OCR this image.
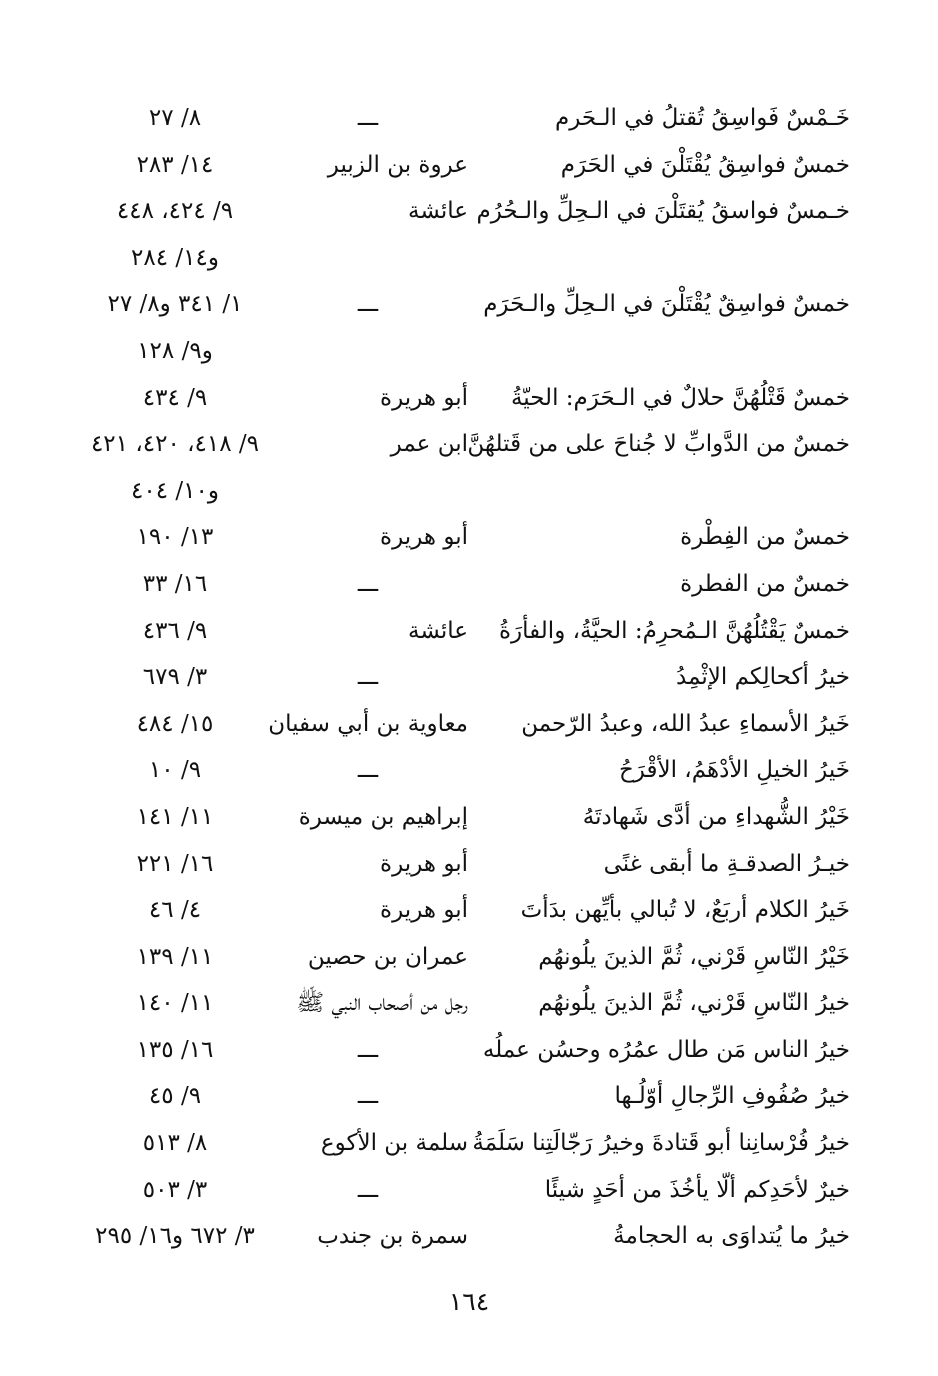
خَـمْسٌ فَواسِقُ تُقتلُ في الـحَرم
ـــ
٨/ ٢٧
خمسٌ فواسِقُ يُقْتَلْنَ في الحَرَم
عروة بن الزبير
١٤/ ٢٨٣
خـمسٌ فواسقُ يُقتَلْنَ في الـحِلِّ والـحُرُم
عائشة
٩/ ٤٢٤، ٤٤٨
و١٤/ ٢٨٤
خمسٌ فواسِقٌ يُقْتَلْنَ في الـحِلِّ والـحَرَم
ـــ
١/ ٣٤١ و٨/ ٢٧
و٩/ ١٢٨
خمسٌ قَتْلُهُنَّ حلالٌ في الـحَرَم: الحيّةُ
أبو هريرة
٩/ ٤٣٤
خمسٌ من الدَّوابِّ لا جُناحَ على من قَتلهُنَّ
ابن عمر
٩/ ٤١٨، ٤٢٠، ٤٢١
و١٠/ ٤٠٤
خمسٌ من الفِطْرة
أبو هريرة
١٣/ ١٩٠
خمسٌ من الفطرة
ـــ
١٦/ ٣٣
خمسٌ يَقْتُلُهُنَّ الـمُحرِمُ: الحيَّةُ، والفأرَةُ
عائشة
٩/ ٤٣٦
خيرُ أكحالِكم الإثْمِدُ
ـــ
٣/ ٦٧٩
خَيرُ الأسماءِ عبدُ الله، وعبدُ الرّحمن
معاوية بن أبي سفيان
١٥/ ٤٨٤
خَيرُ الخيلِ الأدْهَمُ، الأقْرَحُ
ـــ
٩/ ١٠
خَيْرُ الشُّهداءِ من أدَّى شَهادتَهُ
إبراهيم بن ميسرة
١١/ ١٤١
خيـرُ الصدقـةِ ما أبقى غنًى
أبو هريرة
١٦/ ٢٢١
خَيرُ الكلام أربَعٌ، لا تُبالي بأيِّهن بدَأتَ
أبو هريرة
٤/ ٤٦
خَيْرُ النّاسِ قَرْني، ثُمَّ الذينَ يلُونهُم
عمران بن حصين
١١/ ١٣٩
خيرُ النّاسِ قَرْني، ثُمَّ الذينَ يلُونهُم
رجل من أصحاب النبي ﷺ
١١/ ١٤٠
خيرُ الناس مَن طال عمُرُه وحسُن عملُه
ـــ
١٦/ ١٣٥
خيرُ صُفُوفِ الرِّجالِ أوّلُـها
ـــ
٩/ ٤٥
خيرُ فُرْسانِنا أبو قَتادةَ وخيرُ رَجّالَتِنا سَلَمَةُ
سلمة بن الأكوع
٨/ ٥١٣
خيرٌ لأحَدِكم ألّا يأخُذَ من أحَدٍ شيئًا
ـــ
٣/ ٥٠٣
خيرُ ما يُتداوَى به الحجامةُ
سمرة بن جندب
٣/ ٦٧٢ و١٦/ ٢٩٥
١٦٤
